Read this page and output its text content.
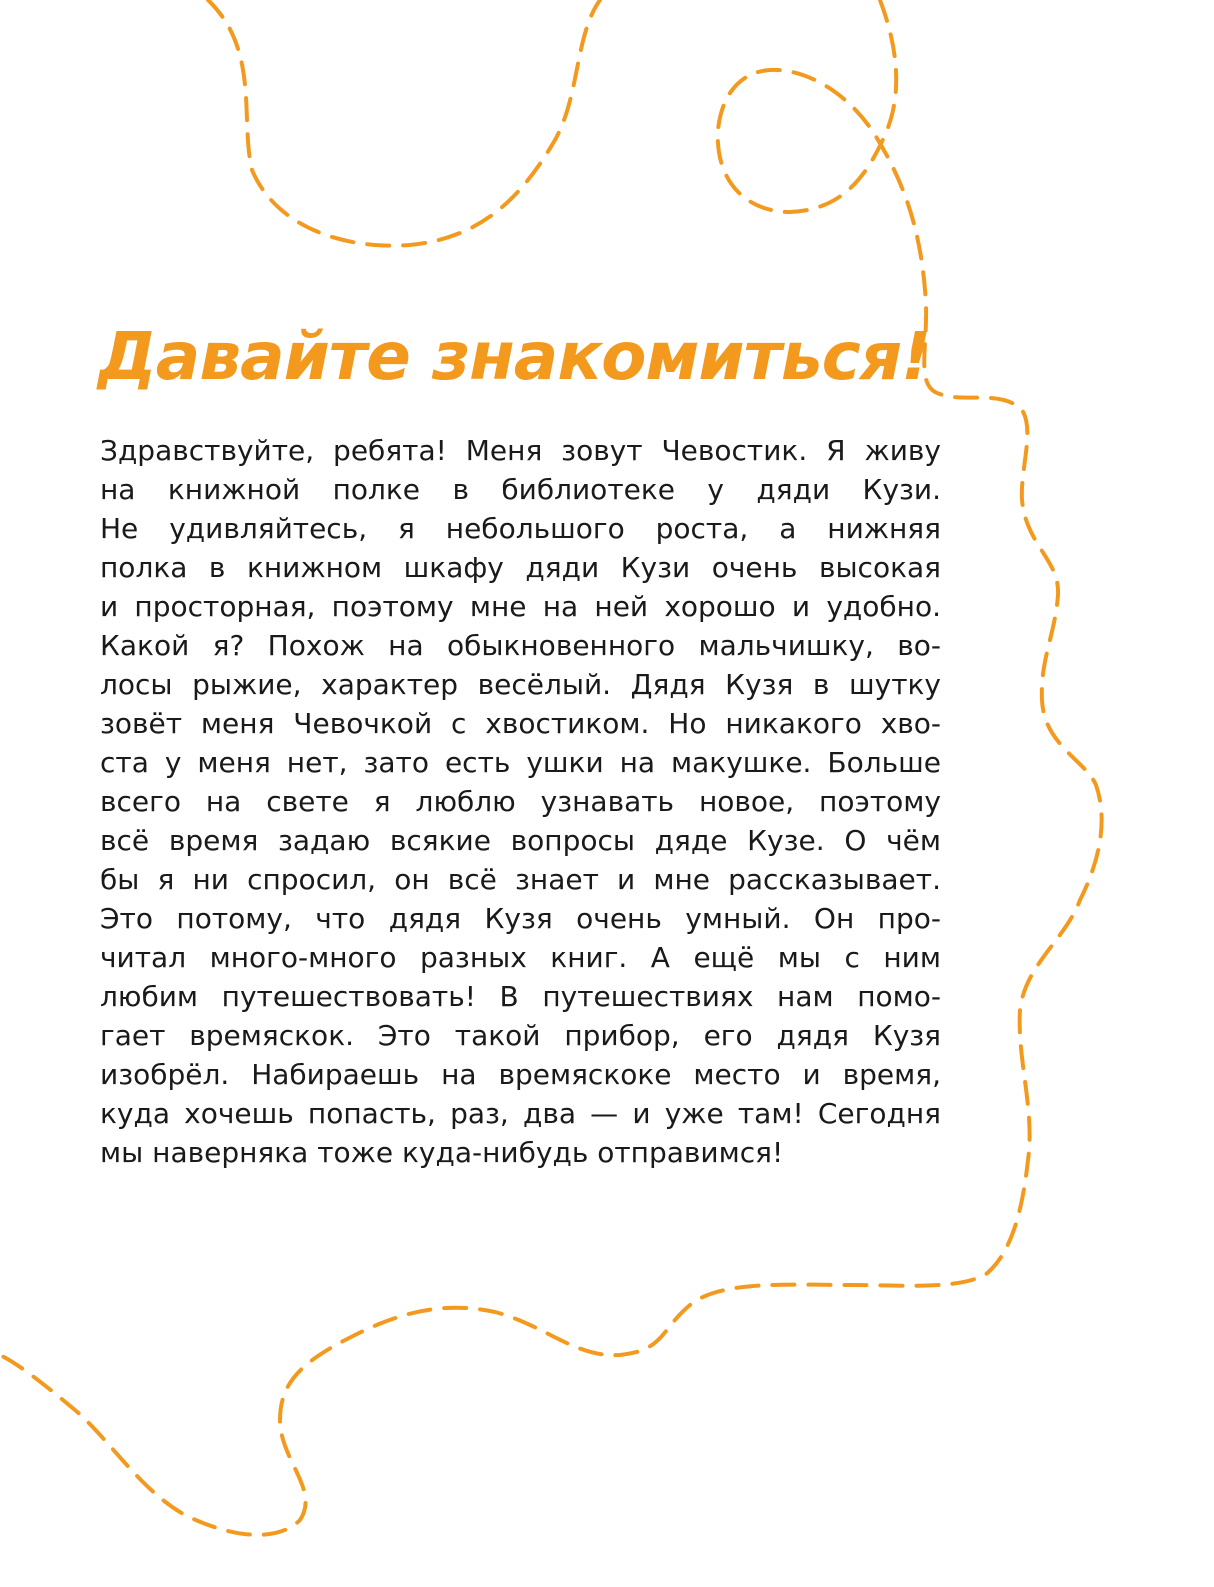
Давайте знакомиться!
Здравствуйте, ребята! Меня зовут Чевостик. Я живу
на книжной полке в библиотеке у дяди Кузи.
Не удивляйтесь, я небольшого роста, а нижняя
полка в книжном шкафу дяди Кузи очень высокая
и просторная, поэтому мне на ней хорошо и удобно.
Какой я? Похож на обыкновенного мальчишку, во-
лосы рыжие, характер весёлый. Дядя Кузя в шутку
зовёт меня Чевочкой с хвостиком. Но никакого хво-
ста у меня нет, зато есть ушки на макушке. Больше
всего на свете я люблю узнавать новое, поэтому
всё время задаю всякие вопросы дяде Кузе. О чём
бы я ни спросил, он всё знает и мне рассказывает.
Это потому, что дядя Кузя очень умный. Он про-
читал много-много разных книг. А ещё мы с ним
любим путешествовать! В путешествиях нам помо-
гает времяскок. Это такой прибор, его дядя Кузя
изобрёл. Набираешь на времяскоке место и время,
куда хочешь попасть, раз, два — и уже там! Сегодня
мы наверняка тоже куда-нибудь отправимся!
